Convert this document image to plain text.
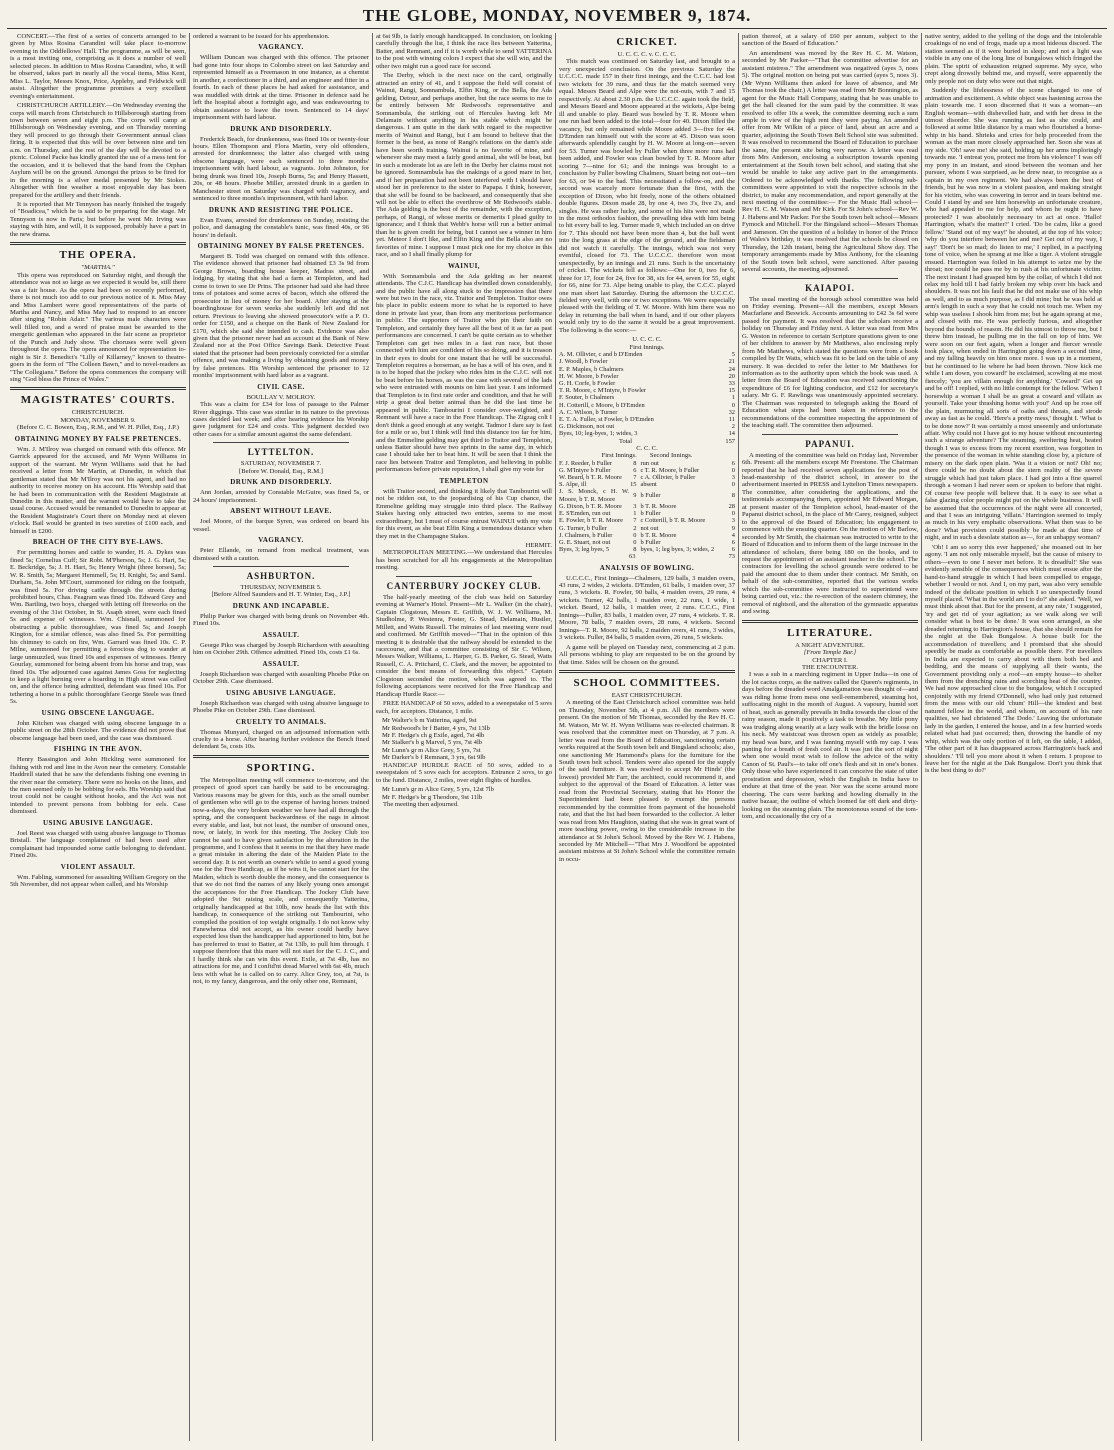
THE GLOBE, MONDAY, NOVEMBER 9, 1874.

CONCERT.—The first of a series of concerts arranged to be given by Miss Rosina Carandini will take place to-morrow evening in the Oddfellows' Hall. The programme, as will be seen, is a most inviting one, comprising as it does a number of well selected pieces. In addition to Miss Rosina Carandini, who, it will be observed, takes part in nearly all the vocal items, Miss Kent, Miss L. Taylor, Messrs Knox, Price, Appleby, and Feldwick will assist. Altogether the programme promises a very excellent evening's entertainment.

CHRISTCHURCH ARTILLERY.—On Wednesday evening the corps will march from Christchurch to Hillsborough starting from town between seven and eight p.m. The corps will camp at Hillsborough on Wednesday evening, and on Thursday morning they will proceed to go through their Government annual class firing. It is expected that this will be over between nine and ten a.m. on Thursday, and the rest of the day will be devoted to a picnic. Colonel Packe has kindly granted the use of a mess tent for the occasion, and it is believed that the band from the Orphan Asylum will be on the ground. Amongst the prizes to be fired for in the morning is a silver medal presented by Mr Stokes. Altogether with fine weather a most enjoyable day has been prepared for the artillery and their friends.

It is reported that Mr Tennyson has nearly finished the tragedy of "Boadicea," which he is said to be preparing for the stage. Mr Tennyson is now in Paris; but before he went Mr. Irving was staying with him, and will, it is supposed, probably have a part in the new drama.

THE OPERA.
"MARTHA."

This opera was reproduced on Saturday night, and though the attendance was not so large as we expected it would be, still there was a fair house. As the opera had been so recently performed, there is not much too add to our previous notice of it. Miss May and Miss Lambert were good representatives of the parts of Martha and Nancy, and Miss May had to respond to an encore after singing "Robin Adair." The various male characters were well filled too, and a word of praise must be awarded to the energetic gentleman who appeared in the fair scene as proprietor of the Punch and Judy show. The choruses were well given throughout the opera. The opera announced for representation to-night is Sir J. Benedict's "Lilly of Killarney," known to theatre-goers in the form of "The Colleen Bawn," and to novel-readers as "The Collegians." Before the opera commences the company will sing "God bless the Prince of Wales."

MAGISTRATES' COURTS.
CHRISTCHURCH.
MONDAY, NOVEMBER 9.
(Before C. C. Bowen, Esq., R.M., and W. H. Pillet, Esq., J.P.)
OBTAINING MONEY BY FALSE PRETENCES.

Wm. J. M'Ilroy was charged on remand with this offence. Mr Garrick appeared for the accused, and Mr Wynn Williams in support of the warrant. Mr Wynn Williams said that he had received a letter from Mr Martin, at Dunedin, in which that gentleman stated that Mr M'Ilroy was not his agent, and had no authority to receive money on his account. His Worship said that he had been in communication with the Resident Magistrate at Dunedin in this matter, and the warrant would have to take the usual course. Accused would be remanded to Dunedin to appear at the Resident Magistrate's Court there on Monday next at eleven o'clock. Bail would be granted in two sureties of £100 each, and himself in £200.

BREACH OF THE CITY BYE-LAWS.

For permitting horses and cattle to wander, H. A. Dykes was fined 5s; Cornelius Cuff; Sir Robt. M'Pherson, 5s; J. G. Hart, 5s; E. Beckridge, 5s; J. H. Hart, 5s; Henry Wright (three horses), 5s; W. R. Smith, 5s; Margaret Hemmell, 5s; H. Knight, 5s; and Saml. Durham, 5s. John M'Court, summoned for riding on the footpath, was fined 5s. For driving cattle through the streets during prohibited hours, Chas. Feagram was fined 10s. Edward Grey and Wm. Bartling, two boys, charged with letting off fireworks on the evening of the 31st October, in St. Asaph street, were each fined 5s and expense of witnesses. Wm. Chisnall, summoned for obstructing a public thoroughfare, was fined 5s; and Joseph Kington, for a similar offence, was also fined 5s. For permitting his chimney to catch on fire, Wm. Garrard was fined 10s. C. P. Milne, summoned for permitting a ferocious dog to wander at large unmuzzled, was fined 10s and expenses of witnesses. Henry Gourlay, summoned for being absent from his horse and trap, was fined 10s. The adjourned case against James Goss for neglecting to keep a light burning over a hoarding in High street was called on, and the offence being admitted, defendant was fined 10s. For tethering a horse in a public thoroughfare George Steele was fined 5s.

USING OBSCENE LANGUAGE.

John Kitchen was charged with using obscene language in a public street on the 28th October. The evidence did not prove that obscene language had been used, and the case was dismissed.

FISHING IN THE AVON.

Henry Bassington and John Hickling were summoned for fishing with rod and line in the Avon near the cemetery. Constable Haddrell stated that he saw the defendants fishing one evening in the river near the cemetery. There were no hooks on the lines, and the men seemed only to be bobbing for eels. His Worship said that trout could not be caught without hooks, and the Act was not intended to prevent persons from bobbing for eels. Case dismissed.

USING ABUSIVE LANGUAGE.

Joel Reest was charged with using abusive language to Thomas Bristall. The language complained of had been used after complainant had impounded some cattle belonging to defendant. Fined 20s.

VIOLENT ASSAULT.

Wm. Fabling, summoned for assaulting William Gregory on the 5th November, did not appear when called, and his Worship

ordered a warrant to be issued for his apprehension.

VAGRANCY.

William Duncan was charged with this offence. The prisoner had gone into four shops in Colombo street on last Saturday and represented himself as a Freemason in one instance, as a chemist in another, a confectioner in a third, and an engineer and fitter in a fourth. In each of these places he had asked for assistance, and was muddled with drink at the time. Prisoner in defence said he left the hospital about a fortnight ago, and was endeavouring to obtain assistance to leave the town. Sentenced to 14 days' imprisonment with hard labour.

DRUNK AND DISORDERLY.

Frederick Beach, for drunkenness, was fined 10s or twenty-four hours. Ellen Thompson and Flora Martin, very old offenders, arrested for drunkenness; the latter also charged with using obscene language, were each sentenced to three months' imprisonment with hard labour, as vagrants. John Johnston, for being drunk was fined 10s, Joseph Burns, 5s; and Henry Hassett, 20s, or 48 hours. Phoebe Miller, arrested drunk in a garden in Manchester street on Saturday was charged with vagrancy, and sentenced to three months's imprisonment, with hard labor.

DRUNK AND RESISTING THE POLICE.

Evan Evans, arrested for drunkenness on Sunday, resisting the police, and damaging the constable's tunic, was fined 40s, or 96 hours' in default.

OBTAINING MONEY BY FALSE PRETENCES.

Margaret B. Todd was charged on remand with this offence. The evidence showed that prisoner had obtained £3 3s 9d from George Brown, boarding house keeper, Madras street, and lodging, by stating that she had a farm at Templeton, and had come to town to see Dr Prins. The prisoner had said she had three tons of potatoes and some acres of bacon, which she offered the prosecutor in lieu of money for her board. After staying at the boardinghouse for seven weeks she suddenly left and did not return. Previous to leaving she showed prosecutor's wife a P. O. order for £150, and a cheque on the Bank of New Zealand for £170, which she said she intended to cash. Evidence was also given that the prisoner never had an account at the Bank of New Zealand nor at the Post Office Savings Bank. Detective Feast stated that the prisoner had been previously convicted for a similar offence, and was making a living by obtaining goods and money by false pretences. His Worship sentenced the prisoner to 12 months' imprisonment with hard labor as a vagrant.

CIVIL CASE.
BOULLAY V. MOLROY.

This was a claim for £34 for loss of passage to the Palmer River diggings. This case was similar in its nature to the previous cases decided last week; and after hearing evidence his Worship gave judgment for £24 and costs. This judgment decided two other cases for a similar amount against the same defendant.

LYTTELTON.
SATURDAY, NOVEMBER 7.
[Before W. Donald, Esq., R.M.]
DRUNK AND DISORDERLY.

Ann Jordan, arrested by Constable McGuire, was fined 5s, or 24 hours' imprisonment.

ABSENT WITHOUT LEAVE.

Joel Moore, of the barque Syren, was ordered on board his vessel.

VAGRANCY.

Peter Ellande, on remand from medical treatment, was dismissed with a caution.

ASHBURTON.
THURSDAY, NOVEMBER 5.
[Before Alfred Saunders and H. T. Winter, Esq., J.P.]
DRUNK AND INCAPABLE.

Philip Parker was charged with being drunk on November 4th. Fined 10s.

ASSAULT.

George Piko was charged by Joseph Richardson with assaulting him on October 29th. Offence admitted. Fined 10s, costs £1 6s.

ASSAULT.

Joseph Richardson was charged with assaulting Phoebe Pike on October 29th. Case dismissed.

USING ABUSIVE LANGUAGE.

Joseph Richardson was charged with using abusive language to Phoebe Pike on October 29th. Case dismissed.

CRUELTY TO ANIMALS.

Thomas Munyard, charged on an adjourned information with cruelty to a horse. After hearing further evidence the Bench fined defendant 5s, costs 10s.

SPORTING.

The Metropolitan meeting will commence to-morrow, and the prospect of good sport can hardly be said to be encouraging. Various reasons may be given for this, such as the small number of gentlemen who will go to the expense of having horses trained now-a-days, the very broken weather we have had all through the spring, and the consequent backwardness of the nags in almost every stable, and last, but not least, the number of unsound ones, now, or lately, in work for this meeting. The Jockey Club too cannot be said to have given satisfaction by the alteration in the programme, and I confess that it seems to me that they have made a great mistake in altering the date of the Maiden Plate to the second day. It is not worth an owner's while to send a good young one for the Free Handicap, as if he wins it, he cannot start for the Maiden, which is worth double the money, and the consequence is that we do not find the names of any likely young ones amongst the acceptances for the Free Handicap. The Jockey Club have adopted the 9st raising scale, and consequently Yatterina, originally handicapped at 8st 10lb, now heads the list with this handicap, in consequence of the striking out Tambourini, who compiled the position of top weight originally. I do not know why Fanewhenua did not accept, as his owner could hardly have expected less than the handicapper had apportioned to him, but he has preferred to trust to Batter, at 7st 13lb, to pull him through. I suppose therefore that this mare will not start for the C. J. C., and I hardly think she can win this event. Exile, at 7st 4lb, has no attractions for me, and I confid'nt dread Marvel with 6st 4lb, much less with what he is called on to carry. Alice Grey, too, at 7st, is not, to my fancy, dangerous, and the only other one, Remnant,

at 6st 9lb, is fairly enough handicapped. In conclusion, on looking carefully through the list, I think the race lies between Yatterina, Batter, and Remnant, and if it is worth while to send YATTERINA to the post with winning colors I expect that she will win, and the other two might run a good race for second.

The Derby, which is the next race on the card, originally attracted an entry of 41, and I suppose the field will consist of Wainui, Rangi, Somnambula, Elfin King, or the Bella, the Ada gelding, Detour, and perhaps another, but the race seems to me to be entirely between Mr Redwood's representative and Somnambula, the striking out of Hercules having left Mr Delamain without anything in his stable which might be dangerous. I am quite in the dark with regard to the respective merits of Wainui and Rangi, but I am bound to believe that the former is the best, as none of Rangi's relations on the dam's side have been worth training. Wainui is no favorite of mine, and whenever she may meet a fairly good animal, she will be beat, but in such a moderate lot as are left in the Derby her claims must not be ignored. Somnambula has the makings of a good mare in her, and if her preparation had not been interfered with I should have stood her in preference to the sister to Papapa. I think, however, that she will be found to be backward, and consequently that she will not be able to effect the overthrow of Mr Redwood's stable. The Ada gelding is the best of the remainder, with the exception, perhaps, of Rangi, of whose merits or demerits I plead guilty to ignorance; and I think that Webb's horse will run a better animal than he is given credit for being, but I cannot see a winner in him yet. Meteor I don't like, and Elfin King and the Bella also are no favorites of mine. I suppose I must pick one for my choice in this race, and so I shall finally plump for

WAINUI,

With Somnambula and the Ada gelding as her nearest attendants. The C.J.C. Handicap has dwindled down considerably, and the public have all along stuck to the impression that there were but two in the race, viz. Traitor and Templeton. Traitor owes his place in public esteem more to what he is reported to have done in private last year, than from any meritorious performance in public. The supporters of Traitor who pin their faith on Templeton, and certainly they have all the best of it as far as past performances are concerned. I can't be quite certain as to whether Templeton can get two miles in a fast run race, but those connected with him are confident of his so doing, and it is treason in their eyes to doubt for one instant that he will be successful. Templeton requires a horseman, as he has a will of his own, and it is to be hoped that the jockey who rides him in the C.J.C. will not be beat before his horses, as was the case with several of the lads who were entrusted with mounts on him last year. I am informed that Templeton is in first rate order and condition, and that he will strip a great deal better animal than he did the last time he appeared in public. Tambourini I consider over-weighted, and Remnant will have a race in the Free Handicap. The Zigzag colt I don't think a good enough at any weight. Tadmor I dare say is fast for a mile or so, but I think will find this distance too far for him, and the Emmeline gelding may get third to Traitor and Templeton, unless Batter should have two sprints in the same day, in which case I should take her to beat him. It will be seen that I think the race lies between Traitor and Templeton, and believing in public performances before private reputation, I shall give my vote for

TEMPLETON

with Traitor second, and thinking it likely that Tambourini will not be ridden out, to the jeopardising of his Cup chance, the Emmeline gelding may struggle into third place. The Railway Stakes having only attracted two entries, seems to me most extraordinary, but I must of course entrust WAINUI with my vote for this event, as she beat Elfin King a tremendous distance when they met in the Champagne Stakes.

HERMIT.

METROPOLITAN MEETING.—We understand that Hercules has been scratched for all his engagements at the Metropolitan meeting.

CANTERBURY JOCKEY CLUB.

The half-yearly meeting of the club was held on Saturday evening at Warner's Hotel. Present—Mr L. Walker (in the chair), Captain Clogstoun, Messrs E. Griffith, W. J. W. Williams, M. Studholme, P. Westenra, Foster, G. Stead, Delamain, Hustler, Millett, and Watts Russell. The minutes of last meeting were read and confirmed. Mr Griffith moved—"That in the opinion of this meeting it is desirable that the railway should be extended to the racecourse, and that a committee consisting of Sir C. Wilson, Messrs Walker, Williams, L. Harper, G. B. Parker, G. Stead, Watts Russell, C. A. Pritchard, C. Clark, and the mover, be appointed to consider the best means of forwarding this object." Captain Clogstoun seconded the motion, which was agreed to. The following acceptances were received for the Free Handicap and Handicap Hurdle Race:—

FREE HANDICAP of 50 sovs, added to a sweepstake of 5 sovs each, for acceptors. Distance, 1 mile.

Mr Walter's b m Yatterina, aged, 9st
Mr Redwood's br f Batter, 4 yrs, 7st 13lb
Mr F. Hedge's ch g Exile, aged, 7st 4lb
Mr Stalker's b g Marvel, 5 yrs, 7st 4lb
Mr Lunn's gr m Alice Grey, 5 yrs, 7st
Mr Darker's b f Remnant, 3 yrs, 6st 9lb

HANDICAP HURDLE RACE of 50 sovs, added to a sweepstakes of 5 sovs each for acceptors. Entrance 2 sovs, to go to the fund. Distance, 2 miles, over eight flights of hurdles.

Mr Lunn's gr m Alice Grey, 5 yrs, 12st 7lb
Mr F. Hedge's br g Theodore, 9st 11lb

The meeting then adjourned.

CRICKET.
U. C. C. C. v. C. C. C.

This match was continued on Saturday last, and brought to a very unexpected conclusion. On the previous Saturday the U.C.C.C. made 157 in their first innings, and the C.C.C. had lost two wickets for 39 runs, and thus far the match seemed very equal. Messrs Beard and Alpe were the not-outs, with 7 and 15 respectively. At about 2.30 p.m. the U.C.C.C. again took the field, and Messrs Beard and Moore appeared at the wickets, Alpe being ill and unable to play. Beard was bowled by T. R. Moore when one run had been added to the total—four for 40. Dixon filled the vacancy, but only remained while Moore added 3—five for 44. D'Emden ran himself out with the score at 45. Dixon was soon afterwards splendidly caught by H. W. Moore at long-on—seven for 53. Turner was bowled by Fuller when three more runs had been added, and Fowler was clean bowled by T. R. Moore after scoring 7—nine for 61; and the innings was brought to a conclusion by Fuller bowling Chalmers, Stuart being not out—ten for 63, or 94 to the bad. This necessitated a follow-on, and the second was scarcely more fortunate than the first, with the exception of Dixon, who hit freely, none of the others obtained double figures. Dixon made 28, by one 4, two 3's, five 2's, and singles. He was rather lucky, and some of his hits were not made in the most orthodox fashion, the prevailing idea with him being to hit every ball to leg. Turner made 9, which included an on drive for 7. This should not have been more than 4, but the ball went into the long grass at the edge of the ground, and the fieldsman did not watch it carefully. The innings, which was not very eventful, closed for 73. The U.C.C.C. therefore won most unexpectedly, by an innings and 21 runs. Such is the uncertainty of cricket. The wickets fell as follows:—One for 0, two for 6, three for 17, four for 24, five for 38, six for 44, seven for 55, eight for 66, nine for 73. Alpe being unable to play, the C.C.C. played one man short last Saturday. During the afternoon the U.C.C.C. fielded very well, with one or two exceptions. We were especially pleased with the fielding of T. W. Moore. With him there was no delay in returning the ball when in hand, and if our other players would only try to do the same it would be a great improvement. The following is the score:—

U. C. C. C.
First Innings.
A. M. Ollivier, c and b D'Emden	5
J. Woodl, b Fowler	21
E. P. Maples, b Chalmers	24
H. W. Moore, b Fowler	20
G. H. Corfe, b Fowler	33
T. R. Moore, c M'Intyre, b Fowler	15
F. Souter, b Chalmers	1
H. Cotterill, c Moore, b D'Emden	0
A. C. Wilson, b Turner	32
E. T. A. Fuller, st Fowler, b D'Emden	11
G. Dickinson, not out	2
Byes, 10; leg-byes, 1; wides, 3	14
Total	157
C. C. C.
First Innings.        Second Innings.
F. J. Reeder, b Fuller	8	run out	6
G. M'Intyre b Fuller	6	c T. R. Moore, b Fuller	0
W. Beard, b T. R. Moore	7	c A. Ollivier, b Fuller	3
S. Alpe, ill	15	absent	0
J. S. Monck, c H. W. Moore, b T. R. Moore	9	b Fuller	8
G. Dixon, b T. R. Moore	3	b T. R. Moore	28
E. S'Emden, run out	1	b Fuller	0
E. Fowler, b T. R. Moore	7	c Cotterill, b T. R. Moore	3
G. Turner, b Fuller	2	not out	9
J. Chalmers, b Fuller	0	b T. R. Moore	4
G. E. Stuart, not out	0	b Fuller	6
Byes, 3; leg byes, 5	8	byes, 1; leg byes, 3; wides, 2	6
	63	73
ANALYSIS OF BOWLING.

U.C.C.C., First Innings—Chalmers, 129 balls, 3 maiden overs, 43 runs, 2 wides, 2 wickets. D'Emden, 61 balls, 1 maiden over, 37 runs, 3 wickets. R. Fowler, 90 balls, 4 maiden overs, 29 runs, 4 wickets. Turner, 42 balls, 1 maiden over, 22 runs, 1 wide, 1 wicket. Beard, 12 balls, 1 maiden over, 2 runs. C.C.C., First Innings—Fuller, 83 balls, 1 maiden over, 27 runs, 4 wickets. T. R. Moore, 78 balls, 7 maiden overs, 28 runs, 4 wickets. Second Innings—T. R. Moore, 92 balls, 2 maiden overs, 41 runs, 3 wides, 3 wickets. Fuller, 84 balls, 5 maiden overs, 26 runs, 5 wickets.

A game will be played on Tuesday next, commencing at 2 p.m. All persons wishing to play are requested to be on the ground by that time. Sides will be chosen on the ground.

SCHOOL COMMITTEES.
EAST CHRISTCHURCH.

A meeting of the East Christchurch school committee was held on Thursday, November 5th, at 4 p.m. All the members were present. On the motion of Mr Thomas, seconded by the Rev H. C. M. Watson, Mr W. H. Wynn Williams was re-elected chairman. It was resolved that the committee meet on Thursday, at 7 p.m. A letter was read from the Board of Education, sanctioning certain works required at the South town belt and Bingsland schools; also, one sanctioning Mr Hammond's plans for the furniture for the South town belt school. Tenders were also opened for the supply of the said furniture. It was resolved to accept Mr Hinds' (the lowest) provided Mr Farr, the architect, could recommend it, and subject to the approval of the Board of Education. A letter was read from the Provincial Secretary, stating that his Honor the Superintendent had been pleased to exempt the persons recommended by the committee from payment of the household rate, and that the list had been forwarded to the collector. A letter was read from Mrs Haughton, stating that she was in great want of more teaching power, owing to the considerable increase in the attendance at St John's School. Moved by the Rev W. J. Habens, seconded by Mr Mitchell—"That Mrs J. Woodford be appointed assistant mistress at St John's School while the committee remain in occu-

pation thereof, at a salary of £60 per annum, subject to the sanction of the Board of Education."

An amendment was moved by the Rev H. C. M. Watson, seconded by Mr Packer—"That the committee advertise for an assistant mistress." The amendment was negatived (ayes 3, noes 5). The original motion on being put was carried (ayes 5, noes 3). (Mr Wynn Williams then asked for leave of absence, and Mr Thomas took the chair.) A letter was read from Mr Bonnington, as agent for the Music Hall Company, stating that he was unable to get the hall cleaned for the sum paid by the committee. It was resolved to offer 10s a week, the committee deeming such a sum ample in view of the high rent they were paying. An amended offer from Mr Wilkin of a piece of land, about an acre and a quarter, adjoining the South Town Belt School site was submitted. It was resolved to recommend the Board of Education to purchase the same, the present site being very narrow. A letter was read from Mrs Anderson, enclosing a subscription towards opening entertainment at the South town belt school, and stating that she would be unable to take any active part in the arrangements. Ordered to be acknowledged with thanks. The following sub-committees were appointed to visit the respective schools in the district, to make any recommendation, and report generally at the next meeting of the committee:— For the Music Hall school—Rev H. C. M. Watson and Mr Kirk. For St John's school—Rev W. J. Habens and Mr Packer. For the South town belt school—Messrs Fymock and Mitchell. For the Bingsland school—Messrs Thomas and Jameson. On the question of a holiday in honor of the Prince of Wales's birthday, it was resolved that the schools be closed on Thursday, the 12th instant, being the Agricultural Show day. The temporary arrangements made by Miss Anthony, for the cleaning of the South town belt school, were sanctioned. After passing several accounts, the meeting adjourned.

KAIAPOI.

The usual meeting of the borough school committee was held on Friday evening. Present—All the members, except Messrs Macfarlane and Beswick. Accounts amounting to £42 3s 6d were passed for payment. It was resolved that the scholars receive a holiday on Thursday and Friday next. A letter was read from Mrs G. Weston in reference to certain Scripture questions given to one of her children to answer by Mr Matthews, also enclosing reply from Mr Matthews, which stated the questions were from a book compiled by Dr Watts, which was fit to be laid on the table of any nursery. It was decided to refer the letter to Mr Matthews for information as to the authority upon which the book was used. A letter from the Board of Education was received sanctioning the expenditure of £6 for lighting conductor, and £12 for secretary's salary. Mr G. F. Rawlings was unanimously appointed secretary. The Chairman was requested to telegraph asking the Board of Education what steps had been taken in reference to the recommendations of the committee respecting the appointment of the teaching staff. The committee then adjourned.

PAPANUI.

A meeting of the committee was held on Friday last, November 6th. Present: all the members except Mr Freestone. The Chairman reported that he had received seven applications for the post of head-mastership of the district school, in answer to the advertisement inserted in PRESS and Lyttelton Times newspapers. The committee, after considering the applications, and the testimonials accompanying them, appointed Mr Edward Morgan, at present master of the Templeton school, head-master of the Papanui district school, in the place of Mr Carey, resigned, subject to the approval of the Board of Education; his engagement to commence with the ensuing quarter. On the motion of Mr Barlow, seconded by Mr Smith, the chairman was instructed to write to the Board of Education and to inform them of the large increase in the attendance of scholars, there being 180 on the books, and to request the appointment of an assistant teacher to the school. The contractors for levelling the school grounds were ordered to be paid the amount due to them under their contract. Mr Smith, on behalf of the sub-committee, reported that the various works which the sub-committee were instructed to superintend were being carried out, viz.: the re-erection of the eastern chimney, the removal of nightsoil, and the alteration of the gymnastic apparatus and swing.

LITERATURE.
A NIGHT ADVENTURE.
[From Temple Bar.]
CHAPTER I.
THE ENCOUNTER.

I was a sub in a marching regiment in Upper India—in one of the lot cactus corps, as the natives called the Queen's regiments, in days before the dreaded word Amalgamation was thought of—and was riding home from mess one well-remembered, steaming hot, suffocating night in the month of August. A vapoury, humid sort of heat, such as generally prevails in India towards the close of the rainy season, made it positively a task to breathe. My little pony was trudging along wearily at a lazy walk with the bridle loose on his neck. My waistcoat was thrown open as widely as possible; my head was bare, and I was fanning myself with my cap. I was panting for a breath of fresh cool air. It was just the sort of night when one would most wish to follow the advice of the witty Canon of St. Paul's—to take off one's flesh and sit in one's bones. Only those who have experienced it can conceive the state of utter prostration and depression, which the English in India have to endure at that time of the year. Nor was the scene around more cheering. The curs were barking and howling dismally in the native bazaar, the outline of which loomed far off dark and dirty-looking on the steaming plain. The monotonous sound of the tom-tom, and occasionally the cry of a

native sentry, added to the yelling of the dogs and the intolerable croakings of no end of frogs, made up a most hideous discord. The station seemed as if it were buried in sleep; and not a light was visible in any one of the long line of bungalows which fringed the plain. The spirit of exhaustion reigned supreme. My syce, who crept along drowsily behind me, and myself, were apparently the only people not on duty who were out that night.

Suddenly the lifelessness of the scene changed to one of animation and excitement. A white object was hastening across the plain towards me. I soon discerned that it was a woman—an English woman—with dishevelled hair, and with her dress in the utmost disorder. She was running as fast as she could, and followed at some little distance by a man who flourished a horse-whip in his hand. Shrieks and cries for help proceeded from the woman as the man more closely approached her. Soon she was at my side. 'Oh! save me! she said, holding up her arms imploringly towards me. 'I entreat you, protect me from his violence!' I was off my pony in an instant, and stood between the woman and her pursuer, whom I was surprised, as he drew near, to recognise as a captain in my own regiment. We had always been the best of friends, but he was now in a violent passion, and making straight for his victim, who was cowering in terror and in tears behind me. Could I stand by and see him horsewhip an unfortunate creature, who had appealed to me for help, and whom he ought to have protected? I was absolutely necessary to act at once. 'Hallo! Harrington, what's the matter?' I cried. 'Do be calm, like a good fellow.' 'Stand out of my way!' he shouted, at the top of his voice; 'why do you interfere between her and me? Get out of my way, I say!' 'Don't be so mad; do listen to me,' I replied, in a pacifying tone of voice, when he sprang at me like a tiger. A violent struggle ensued. Harrington was foiled in his attempt to seize me by the throat; nor could he pass me by to rush at his unfortunate victim. The next instant I had grasped him by the collar, of which I did not relax my hold till I had fairly broken my whip over his back and shoulders. It was not his fault that he did not make use of his whip as well, and to as much purpose, as I did mine; but he was held at arm's length in such a way that he could not touch me. When my whip was useless I shook him from me; but he again sprang at me, and closed with me. He was perfectly furious, and altogether beyond the bounds of reason. He did his utmost to throw me, but I threw him instead, he pulling me in the fall on top of him. We were soon on our feet again, when a longer and fiercer wrestle took place, when ended in Harrington going down a second time, and my falling heavily on him once more. I was up in a moment, but he continued to lie where he had been thrown. 'Now kick me while I am down, you coward!' he exclaimed, scowling at me most fiercely; 'you are villain enough for anything.' 'Coward!' Get up and be off! I replied, with no little contempt for the fellow. 'When I horsewhip a woman I shall be as great a coward and villain as yourself. Take your thrashing home with you!' And up he rose off the plain, murmuring all sorts of oaths and threats, and strode away as fast as he could. 'Here's a pretty mess,' thought I. 'What is to be done now?' It was certainly a most unseemly and unfortunate affair. Why could not I have got to my house without encountering such a strange adventure? The steaming, sweltering heat, heated though I was to excess from my recent exertion, was forgotten in the presence of the woman in white standing close by, a picture of misery on the dark open plain. 'Was it a vision or not? Oh! no; there could be no doubt about the stern reality of the severe struggle which had just taken place. I had got into a fine quarrel through a woman I had never seen or spoken to before that night. Of course few people will believe that. It is easy to see what a false glazing color people might put on the whole business. It will be assumed that the occurrences of the night were all concerted, and that I was an intriguing 'villain.' Harrington seemed to imply as much in his very emphatic observations. What then was to be done? What provision could possibly be made at that time of night, and in such a desolate station as—, for an unhappy woman?

'Oh! I am so sorry this ever happened,' she moaned out in her agony. 'I am not only miserable myself, but the cause of misery to others—even to one I never met before. It is dreadful!' She was evidently sensible of the consequences which must ensue after the hand-to-hand struggle in which I had been compelled to engage, whether I would or not. And I, on my part, was also very sensible indeed of the delicate position in which I so unexpectedly found myself placed. 'What in the world am I to do?' she asked. 'Well, we must think about that. But for the present, at any rate,' I suggested, 'try and get rid of your agitation; as we walk along we will consider what is best to be done.' It was soon arranged, as she dreaded returning to Harrington's house, that she should remain for the night at the Dak Bungalow. A house built for the accommodation of travellers; and I promised that she should speedily be made as comfortable as possible there. For travellers in India are expected to carry about with them both bed and bedding, and the means of supplying all their wants, the Government providing only a roof—an empty house—to shelter them from the drenching rains and scorching heat of the country. We had now approached close to the bungalow, which I occupied conjointly with my friend O'Donnell, who had only just returned from the mess with our old 'chum' Hill—the kindest and best natured fellow in the world, and whom, on account of his rare qualities, we had christened 'The Dodo.' Leaving the unfortunate lady in the garden, I entered the house, and in a few hurried words related what had just occurred; then, throwing the handle of my whip, which was the only portion of it left, on the table, I added, 'The other part of it has disappeared across Harrington's back and shoulders.' 'I'll tell you more about it when I return. I propose to leave her for the night at the Dak Bungalow. Don't you think that is the best thing to do?'
